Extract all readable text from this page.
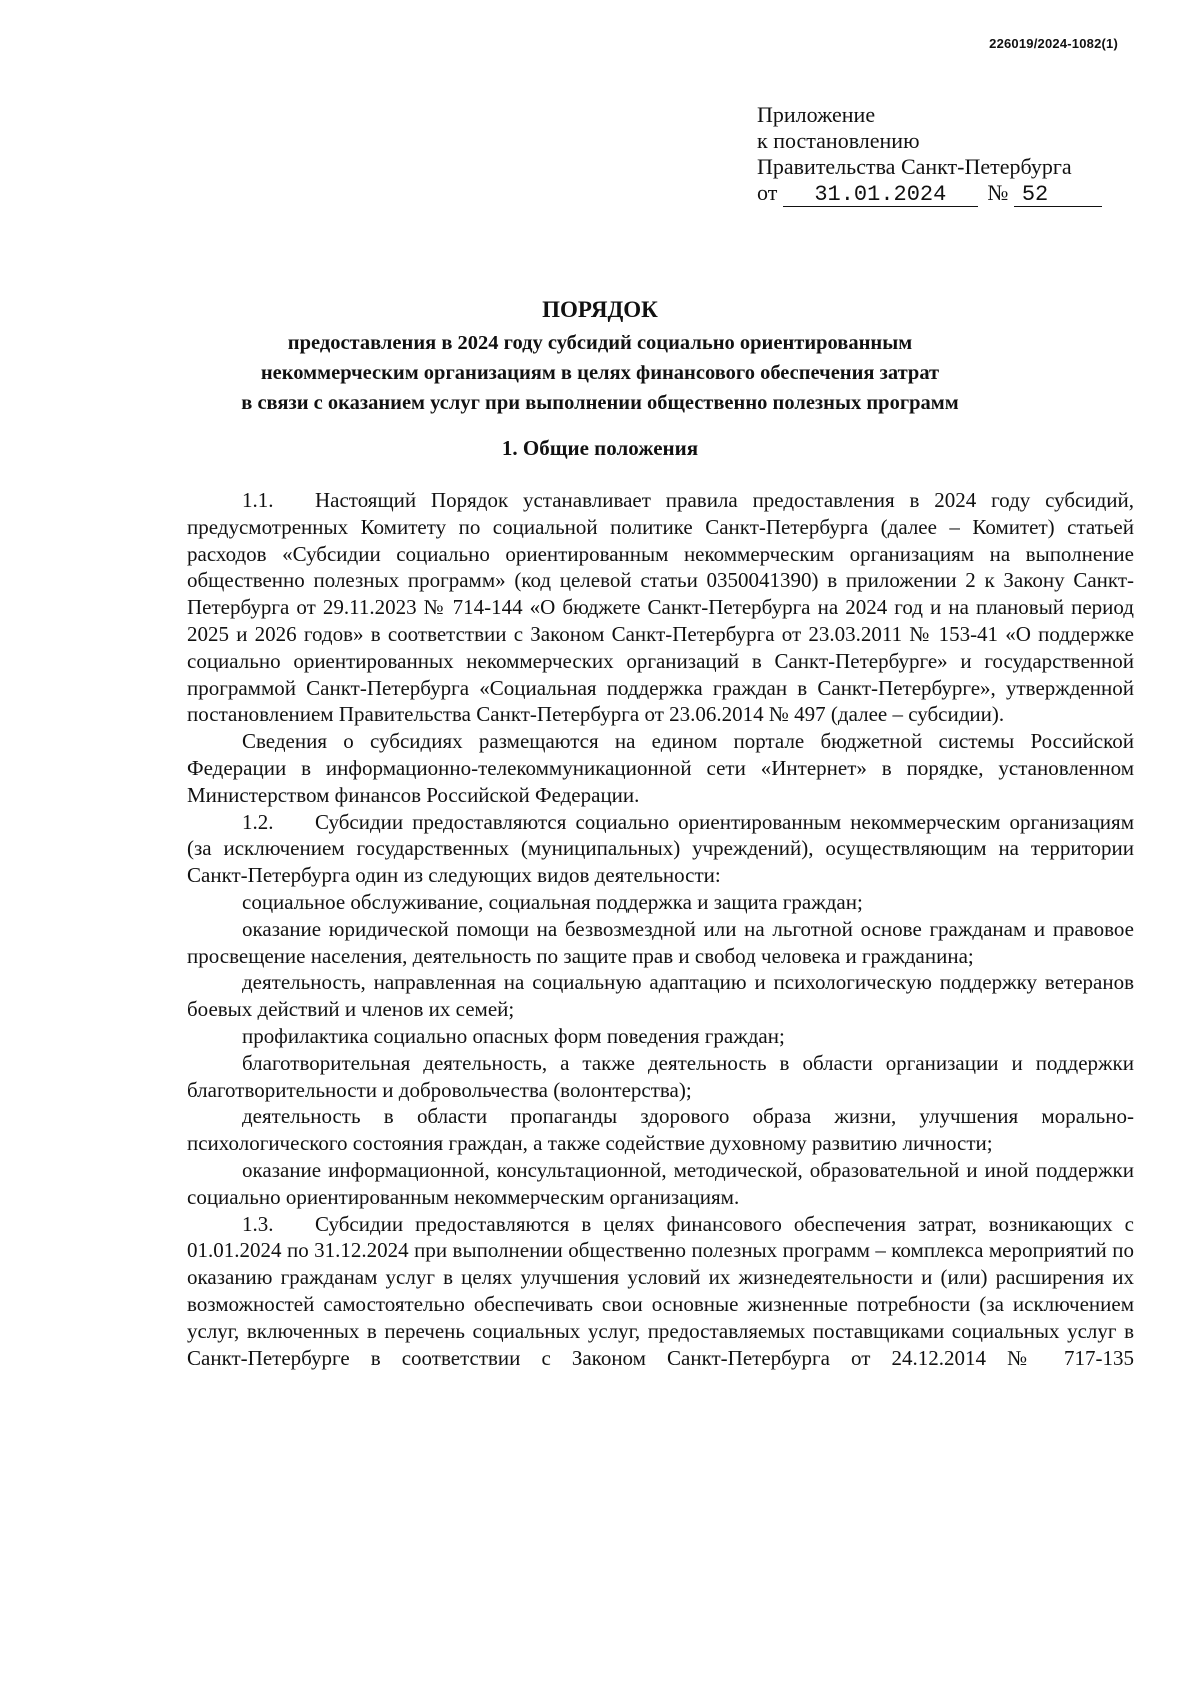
226019/2024-1082(1)
Приложение
к постановлению
Правительства Санкт-Петербурга
от 31.01.2024 № 52
ПОРЯДОК
предоставления в 2024 году субсидий социально ориентированным
некоммерческим организациям в целях финансового обеспечения затрат
в связи с оказанием услуг при выполнении общественно полезных программ
1. Общие положения

1.1. Настоящий Порядок устанавливает правила предоставления в 2024 году субсидий, предусмотренных Комитету по социальной политике Санкт-Петербурга (далее – Комитет) статьей расходов «Субсидии социально ориентированным некоммерческим организациям на выполнение общественно полезных программ» (код целевой статьи 0350041390) в приложении 2 к Закону Санкт-Петербурга от 29.11.2023 № 714-144 «О бюджете Санкт-Петербурга на 2024 год и на плановый период 2025 и 2026 годов» в соответствии с Законом Санкт-Петербурга от 23.03.2011 № 153-41 «О поддержке социально ориентированных некоммерческих организаций в Санкт-Петербурге» и государственной программой Санкт-Петербурга «Социальная поддержка граждан в Санкт-Петербурге», утвержденной постановлением Правительства Санкт-Петербурга от 23.06.2014 № 497 (далее – субсидии).

Сведения о субсидиях размещаются на едином портале бюджетной системы Российской Федерации в информационно-телекоммуникационной сети «Интернет» в порядке, установленном Министерством финансов Российской Федерации.

1.2. Субсидии предоставляются социально ориентированным некоммерческим организациям (за исключением государственных (муниципальных) учреждений), осуществляющим на территории Санкт-Петербурга один из следующих видов деятельности:

социальное обслуживание, социальная поддержка и защита граждан;

оказание юридической помощи на безвозмездной или на льготной основе гражданам и правовое просвещение населения, деятельность по защите прав и свобод человека и гражданина;

деятельность, направленная на социальную адаптацию и психологическую поддержку ветеранов боевых действий и членов их семей;

профилактика социально опасных форм поведения граждан;

благотворительная деятельность, а также деятельность в области организации и поддержки благотворительности и добровольчества (волонтерства);

деятельность в области пропаганды здорового образа жизни, улучшения морально-психологического состояния граждан, а также содействие духовному развитию личности;

оказание информационной, консультационной, методической, образовательной и иной поддержки социально ориентированным некоммерческим организациям.

1.3. Субсидии предоставляются в целях финансового обеспечения затрат, возникающих с 01.01.2024 по 31.12.2024 при выполнении общественно полезных программ – комплекса мероприятий по оказанию гражданам услуг в целях улучшения условий их жизнедеятельности и (или) расширения их возможностей самостоятельно обеспечивать свои основные жизненные потребности (за исключением услуг, включенных в перечень социальных услуг, предоставляемых поставщиками социальных услуг в Санкт-Петербурге в соответствии с Законом Санкт-Петербурга от 24.12.2014 № 717-135
